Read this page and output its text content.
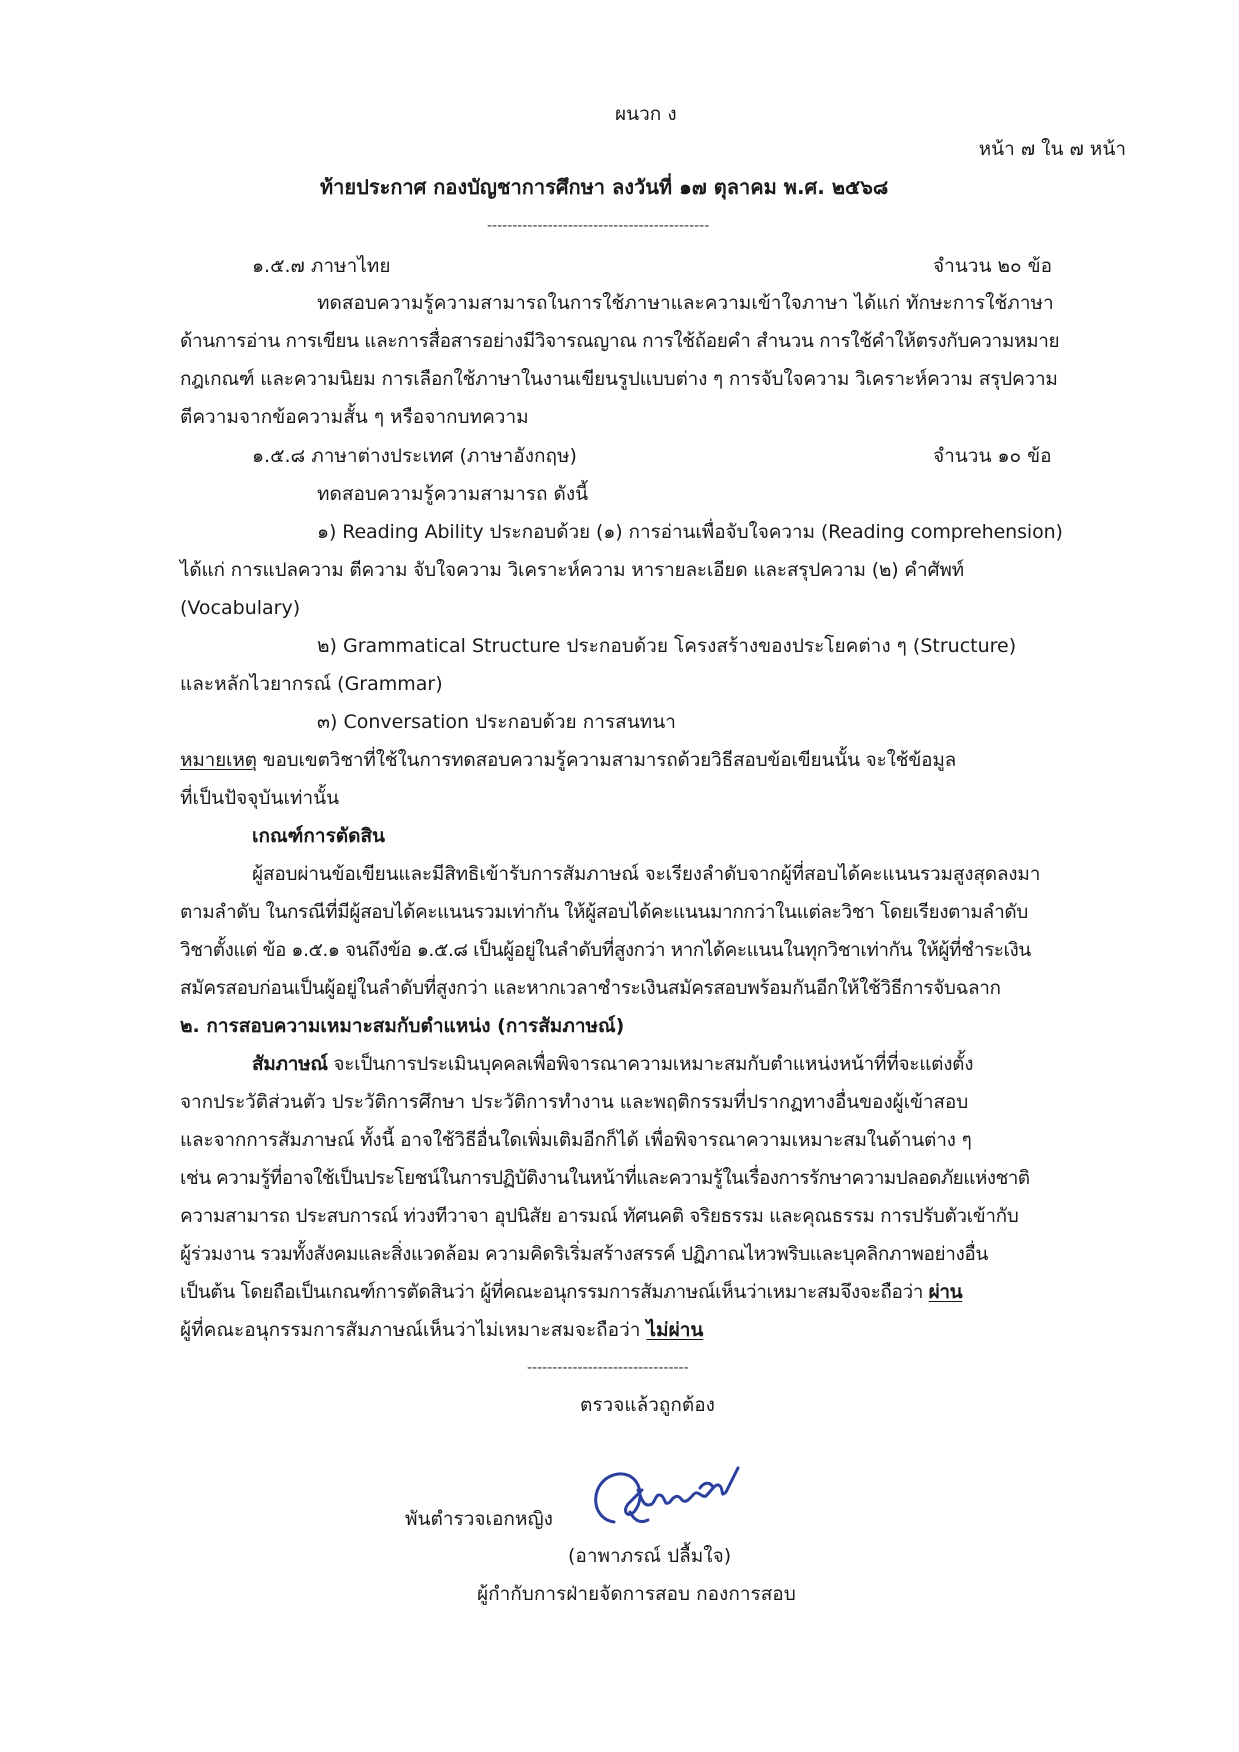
ผนวก ง
หน้า ๗ ใน ๗ หน้า
ท้ายประกาศ กองบัญชาการศึกษา ลงวันที่ ๑๗ ตุลาคม พ.ศ. ๒๕๖๘
--------------------------------------------
๑.๕.๗ ภาษาไทย	จำนวน ๒๐ ข้อ
ทดสอบความรู้ความสามารถในการใช้ภาษาและความเข้าใจภาษา ได้แก่ ทักษะการใช้ภาษา
ด้านการอ่าน การเขียน และการสื่อสารอย่างมีวิจารณญาณ การใช้ถ้อยคำ สำนวน การใช้คำให้ตรงกับความหมาย
กฎเกณฑ์ และความนิยม การเลือกใช้ภาษาในงานเขียนรูปแบบต่าง ๆ การจับใจความ วิเคราะห์ความ สรุปความ
ตีความจากข้อความสั้น ๆ หรือจากบทความ
๑.๕.๘ ภาษาต่างประเทศ (ภาษาอังกฤษ)	จำนวน ๑๐ ข้อ
ทดสอบความรู้ความสามารถ ดังนี้
๑) Reading Ability ประกอบด้วย (๑) การอ่านเพื่อจับใจความ (Reading comprehension)
ได้แก่ การแปลความ ตีความ จับใจความ วิเคราะห์ความ หารายละเอียด และสรุปความ (๒) คำศัพท์
(Vocabulary)
๒) Grammatical Structure ประกอบด้วย โครงสร้างของประโยคต่าง ๆ (Structure)
และหลักไวยากรณ์ (Grammar)
๓) Conversation ประกอบด้วย การสนทนา
หมายเหตุ ขอบเขตวิชาที่ใช้ในการทดสอบความรู้ความสามารถด้วยวิธีสอบข้อเขียนนั้น จะใช้ข้อมูล
ที่เป็นปัจจุบันเท่านั้น
เกณฑ์การตัดสิน
ผู้สอบผ่านข้อเขียนและมีสิทธิเข้ารับการสัมภาษณ์ จะเรียงลำดับจากผู้ที่สอบได้คะแนนรวมสูงสุดลงมา
ตามลำดับ ในกรณีที่มีผู้สอบได้คะแนนรวมเท่ากัน ให้ผู้สอบได้คะแนนมากกว่าในแต่ละวิชา โดยเรียงตามลำดับ
วิชาตั้งแต่ ข้อ ๑.๕.๑ จนถึงข้อ ๑.๕.๘ เป็นผู้อยู่ในลำดับที่สูงกว่า หากได้คะแนนในทุกวิชาเท่ากัน ให้ผู้ที่ชำระเงิน
สมัครสอบก่อนเป็นผู้อยู่ในลำดับที่สูงกว่า และหากเวลาชำระเงินสมัครสอบพร้อมกันอีกให้ใช้วิธีการจับฉลาก
๒. การสอบความเหมาะสมกับตำแหน่ง (การสัมภาษณ์)
สัมภาษณ์ จะเป็นการประเมินบุคคลเพื่อพิจารณาความเหมาะสมกับตำแหน่งหน้าที่ที่จะแต่งตั้ง
จากประวัติส่วนตัว ประวัติการศึกษา ประวัติการทำงาน และพฤติกรรมที่ปรากฏทางอื่นของผู้เข้าสอบ
และจากการสัมภาษณ์ ทั้งนี้ อาจใช้วิธีอื่นใดเพิ่มเติมอีกก็ได้ เพื่อพิจารณาความเหมาะสมในด้านต่าง ๆ
เช่น ความรู้ที่อาจใช้เป็นประโยชน์ในการปฏิบัติงานในหน้าที่และความรู้ในเรื่องการรักษาความปลอดภัยแห่งชาติ
ความสามารถ ประสบการณ์ ท่วงทีวาจา อุปนิสัย อารมณ์ ทัศนคติ จริยธรรม และคุณธรรม การปรับตัวเข้ากับ
ผู้ร่วมงาน รวมทั้งสังคมและสิ่งแวดล้อม ความคิดริเริ่มสร้างสรรค์ ปฏิภาณไหวพริบและบุคลิกภาพอย่างอื่น
เป็นต้น โดยถือเป็นเกณฑ์การตัดสินว่า ผู้ที่คณะอนุกรรมการสัมภาษณ์เห็นว่าเหมาะสมจึงจะถือว่า ผ่าน
ผู้ที่คณะอนุกรรมการสัมภาษณ์เห็นว่าไม่เหมาะสมจะถือว่า ไม่ผ่าน
--------------------------------
ตรวจแล้วถูกต้อง
พันตำรวจเอกหญิง
(อาพาภรณ์ ปลื้มใจ)
ผู้กำกับการฝ่ายจัดการสอบ กองการสอบ
